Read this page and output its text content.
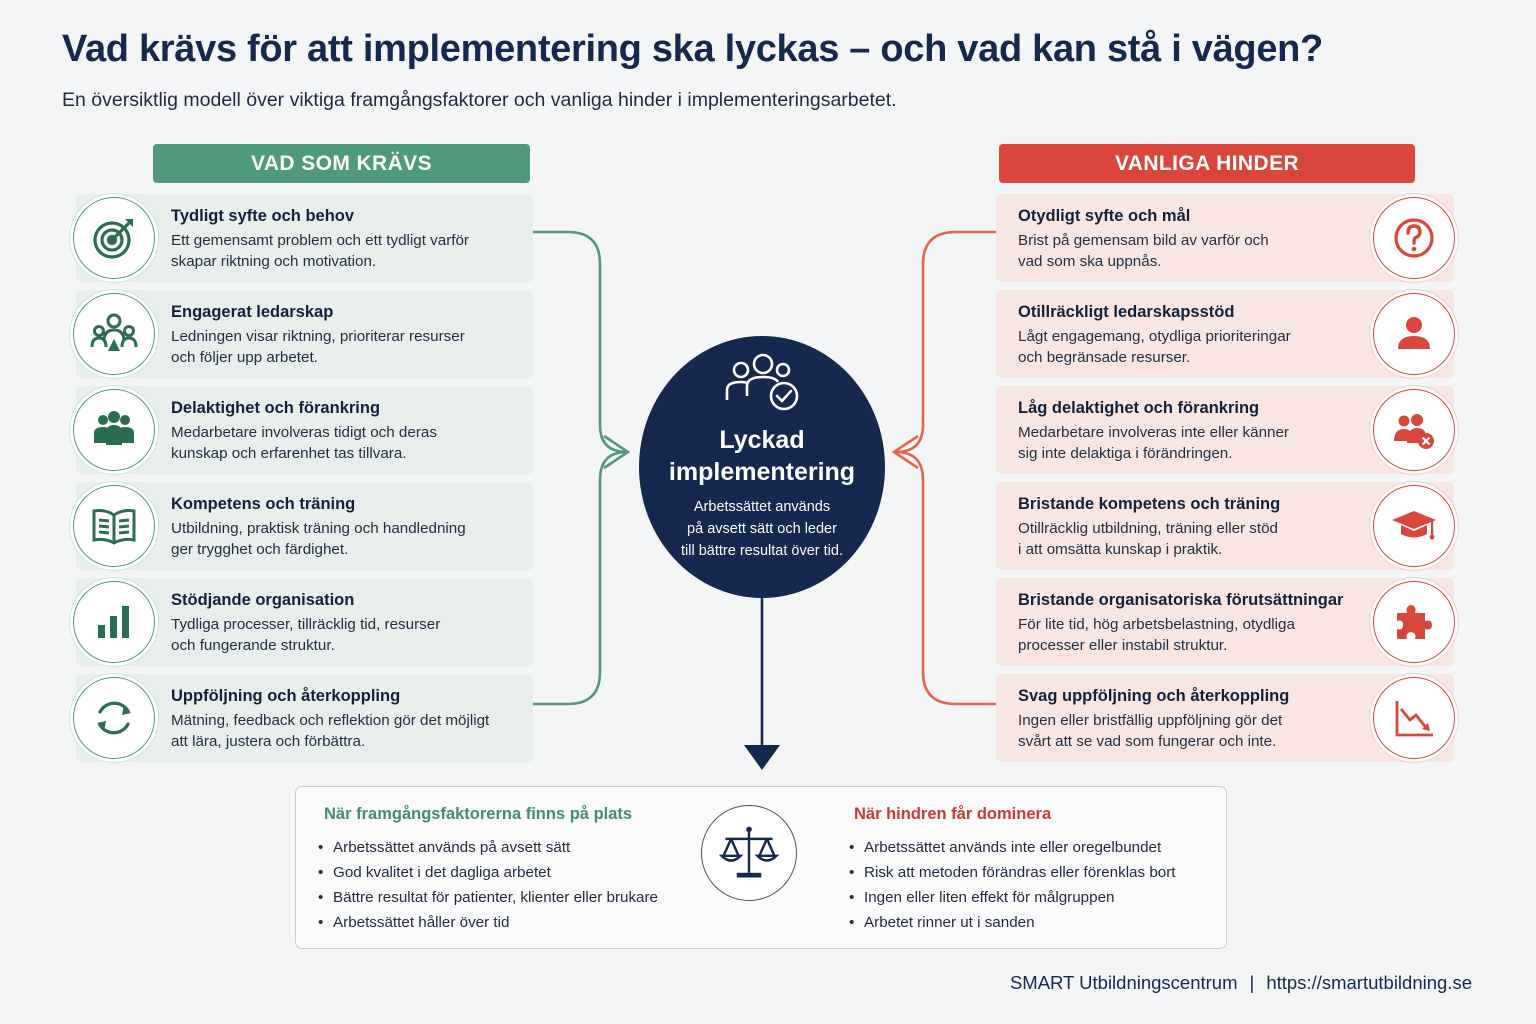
Vad krävs för att implementering ska lyckas – och vad kan stå i vägen?
En översiktlig modell över viktiga framgångsfaktorer och vanliga hinder i implementeringsarbetet.
VAD SOM KRÄVS	VANLIGA HINDER
Tydligt syfte och behov
Ett gemensamt problem och ett tydligt varför
skapar riktning och motivation.
Engagerat ledarskap
Ledningen visar riktning, prioriterar resurser
och följer upp arbetet.
Delaktighet och förankring
Medarbetare involveras tidigt och deras
kunskap och erfarenhet tas tillvara.
Kompetens och träning
Utbildning, praktisk träning och handledning
ger trygghet och färdighet.
Stödjande organisation
Tydliga processer, tillräcklig tid, resurser
och fungerande struktur.
Uppföljning och återkoppling
Mätning, feedback och reflektion gör det möjligt
att lära, justera och förbättra.
Otydligt syfte och mål
Brist på gemensam bild av varför och
vad som ska uppnås.
Otillräckligt ledarskapsstöd
Lågt engagemang, otydliga prioriteringar
och begränsade resurser.
Låg delaktighet och förankring
Medarbetare involveras inte eller känner
sig inte delaktiga i förändringen.
Bristande kompetens och träning
Otillräcklig utbildning, träning eller stöd
i att omsätta kunskap i praktik.
Bristande organisatoriska förutsättningar
För lite tid, hög arbetsbelastning, otydliga
processer eller instabil struktur.
Svag uppföljning och återkoppling
Ingen eller bristfällig uppföljning gör det
svårt att se vad som fungerar och inte.
Lyckad
implementering
Arbetssättet används
på avsett sätt och leder
till bättre resultat över tid.
När framgångsfaktorerna finns på plats
• Arbetssättet används på avsett sätt
• God kvalitet i det dagliga arbetet
• Bättre resultat för patienter, klienter eller brukare
• Arbetssättet håller över tid
När hindren får dominera
• Arbetssättet används inte eller oregelbundet
• Risk att metoden förändras eller förenklas bort
• Ingen eller liten effekt för målgruppen
• Arbetet rinner ut i sanden
SMART Utbildningscentrum | https://smartutbildning.se
